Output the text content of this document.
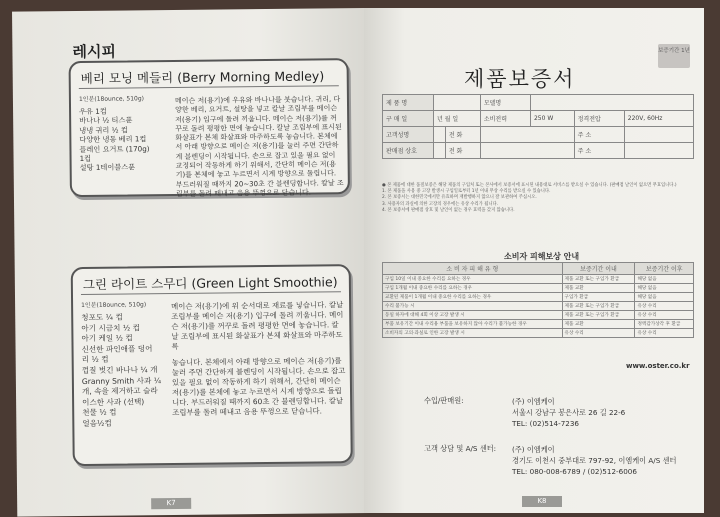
레시피
베리 모닝 메들리 (Berry Morning Medley)
1인분(18ounce, 510g)
우유 1컵
바나나 ½ 티스푼
냉냉 귀리 ½ 컵
다양한 냉동 베리 1컵
플레인 요거트 (170g)
1컵
설탕 1테이블스푼

메이슨 저(용기)에 우유와 바나나를 붓습니다. 귀리, 다양한 베리, 요거트, 설탕을 넣고 칼날 조립부를 메이슨 저(용기) 입구에 돌려 끼웁니다. 메이슨 저(용기)를 꺼꾸로 돌려 평평한 면에 놓습니다. 칼날 조립부에 표시된 화살표가 본체 화살표와 마주하도록 놓습니다. 본체에서 아래 방향으로 메이슨 저(용기)를 눌러 주면 간단하게 블렌딩이 시작됩니다. 손으로 잡고 있을 필요 없이 교정되어 작동하게 하기 위해서, 간단히 메이슨 저(용기)를 본체에 놓고 누르면서 시계 방향으로 돌립니다. 부드러워질 때까지 20~30초 간 블렌딩합니다. 칼날 조립부를 돌려 떼내고 음용 뚜껑으로 닫습니다.

그린 라이트 스무디 (Green Light Smoothie)
1인분(18ounce, 510g)
청포도 ¼ 컵
아기 시금치 ½ 컵
아기 케일 ½ 컵
신선한 파인애플 덩어
리 ½ 컵
껍질 벗긴 바나나 ¼ 개
Granny Smith 사과 ¼
개, 속을 제거하고 슬라
이스한 사과 (선택)
천물 ½ 컵
얼음½컵

메이슨 저(용기)에 위 순서대로 재료를 넣습니다. 칼날 조립부를 메이슨 저(용기) 입구에 돌려 끼웁니다. 메이슨 저(용기)를 꺼꾸로 돌려 평평한 면에 놓습니다. 칼날 조립부에 표시된 화살표가 본체 화살표와 마주하도록

놓습니다. 본체에서 아래 방향으로 메이슨 저(용기)를 눌러 주면 간단하게 블렌딩이 시작됩니다. 손으로 잡고 있을 필요 없이 작동하게 하기 위해서, 간단히 메이슨 저(용기)를 본체에 놓고 누르면서 시계 방향으로 돌립니다. 부드러워질 때까지 60초 간 블렌딩합니다. 칼날 조립부를 돌려 떼내고 음용 뚜껑으로 닫습니다.

K7
보증기간 1년
제품보증서
제 품 명			모델명			
구 매 일	년 월 일		소비전력	250 W	정격전압	220V, 60Hz
고객성명		전 화			주 소	
판매점 상호		전 화			주 소	
● 본 제품에 대한 품질보증은 해당 제품의 구입처 또는 본사에서 보증서에 표시된 내용대로 서비스를 받으실 수 있습니다. (판매점 날인이 없으면 무효입니다.)
1. 본 제품을 사용 중 고장 발생시 구입일로부터 1년 이내 무상 수리를 받으실 수 있습니다.
2. 본 보증서는 대한민국에서만 유효하며 재발행하지 않으니 잘 보관하여 주십시오.
3. 사용자의 과실에 의한 고장의 경우에는 유상 수리가 됩니다.
4. 본 보증서에 판매점 상호 및 날인이 없는 경우 효력을 갖지 않습니다.
소비자 피해보상 안내
소 비 자 피 해 유 형	보증기간 이내	보증기간 이후
구입 10일 이내 중요한 수리를 요하는 경우	제품 교환 또는 구입가 환급	해당 없음
구입 1개월 이내 중요한 수리를 요하는 경우	제품 교환	해당 없음
교환된 제품이 1개월 이내 중요한 수리를 요하는 경우	구입가 환급	해당 없음
수리 불가능 시	제품 교환 또는 구입가 환급	유상 수리
동일 하자에 대해 4회 이상 고장 발생 시	제품 교환 또는 구입가 환급	유상 수리
부품 보유기간 이내 수리용 부품을 보유하지 않아 수리가 불가능한 경우	제품 교환	정액감가상각 후 환급
소비자의 고의·과실로 인한 고장 발생 시	유상 수리	유상 수리
www.oster.co.kr
수입/판매원:	(주) 이엠케이
서울시 강남구 봉은사로 26 길 22-6
TEL: (02)514-7236
고객 상담 및 A/S 센터: (주) 이엠케이
경기도 이천시 중부대로 797-92, 이엠케이 A/S 센터
TEL: 080-008-6789 / (02)512-6006
K8
